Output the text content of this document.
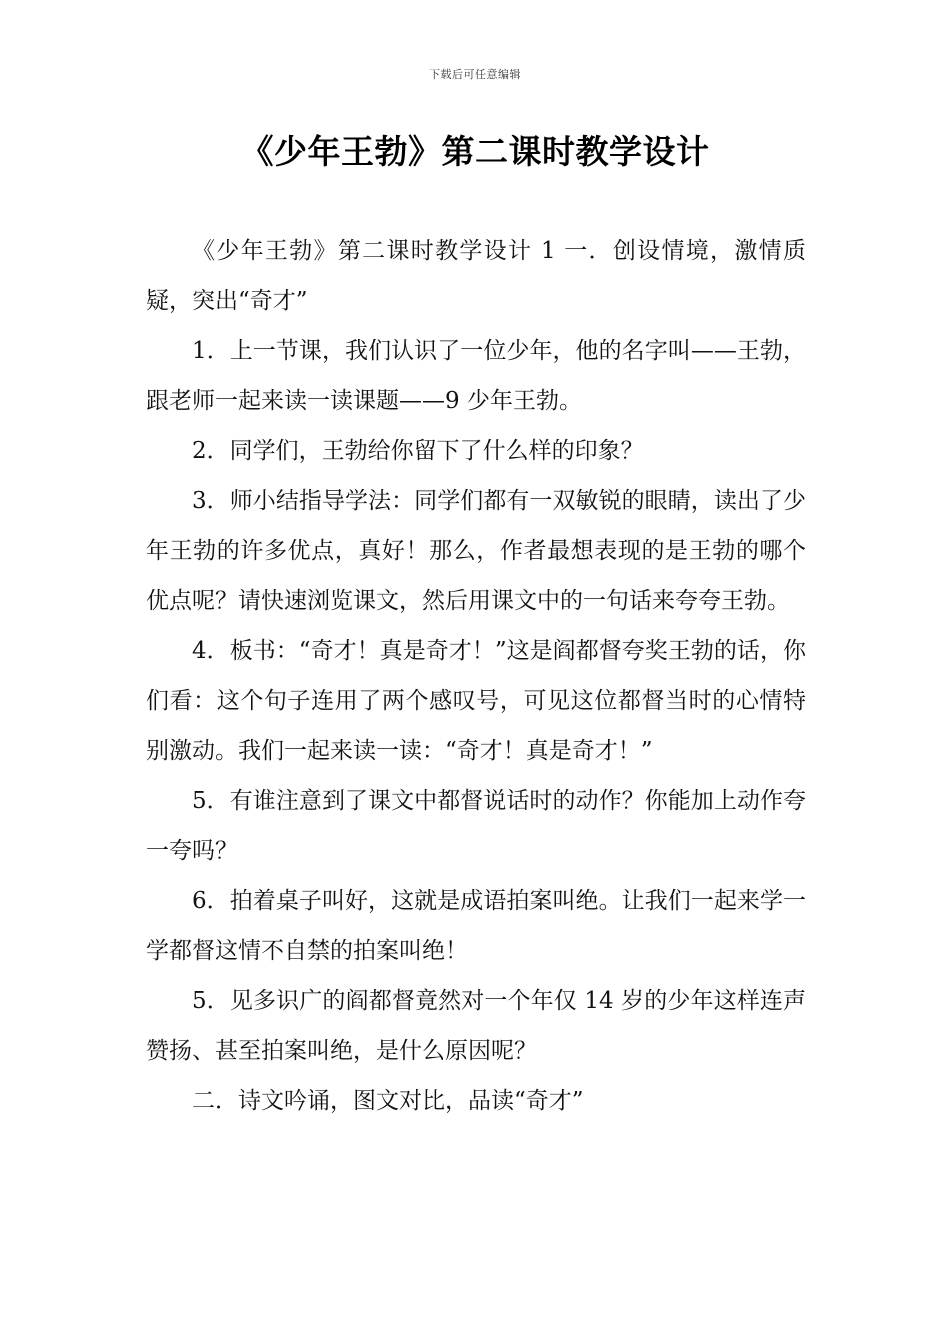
下载后可任意编辑
《少年王勃》第二课时教学设计

《少年王勃》第二课时教学设计 1 一．创设情境，激情质疑，突出“奇才”

1．上一节课，我们认识了一位少年，他的名字叫——王勃，跟老师一起来读一读课题——9 少年王勃。

2．同学们，王勃给你留下了什么样的印象？

3．师小结指导学法：同学们都有一双敏锐的眼睛，读出了少年王勃的许多优点，真好！那么，作者最想表现的是王勃的哪个优点呢？请快速浏览课文，然后用课文中的一句话来夸夸王勃。

4．板书：“奇才！真是奇才！”这是阎都督夸奖王勃的话，你们看：这个句子连用了两个感叹号，可见这位都督当时的心情特别激动。我们一起来读一读：“奇才！真是奇才！”

5．有谁注意到了课文中都督说话时的动作？你能加上动作夸一夸吗？

6．拍着桌子叫好，这就是成语拍案叫绝。让我们一起来学一学都督这情不自禁的拍案叫绝！

5．见多识广的阎都督竟然对一个年仅 14 岁的少年这样连声赞扬、甚至拍案叫绝，是什么原因呢？

二．诗文吟诵，图文对比，品读“奇才”
